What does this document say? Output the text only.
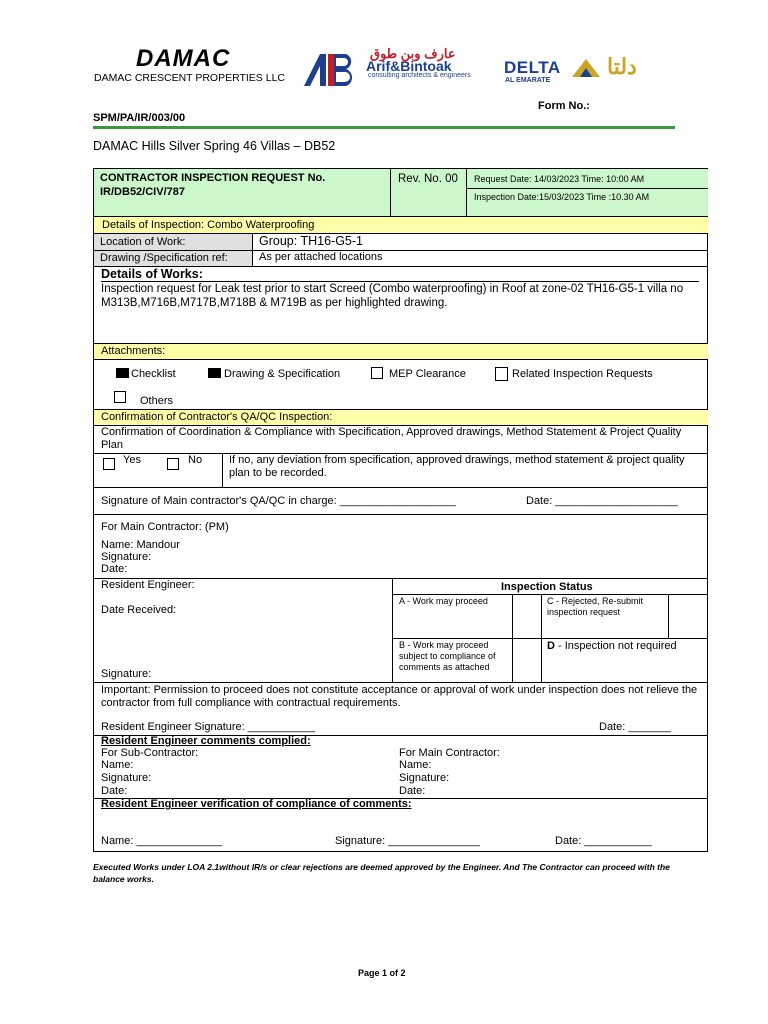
DAMAC
DAMAC CRESCENT PROPERTIES LLC
عارف وبن طوق
Arif&Bintoak
consulting architects & engineers DELTA
AL EMARATE
دلتا
Form No.:
SPM/PA/IR/003/00
DAMAC Hills Silver Spring 46 Villas – DB52
CONTRACTOR INSPECTION REQUEST No.
IR/DB52/CIV/787
Rev. No. 00 Request Date: 14/03/2023 Time: 10:00 AM
Inspection Date:15/03/2023 Time :10.30 AM
Details of Inspection: Combo Waterproofing
Location of Work:	Group: TH16-G5-1
Drawing /Specification ref:	As per attached locations
Details of Works:
Inspection request for Leak test prior to start Screed (Combo waterproofing) in Roof at zone-02 TH16-G5-1 villa no M313B,M716B,M717B,M718B & M719B as per highlighted drawing.
Attachments:
Checklist	Drawing & Specification	MEP Clearance	Related Inspection Requests
Others
Confirmation of Contractor's QA/QC Inspection:
Confirmation of Coordination & Compliance with Specification, Approved drawings, Method Statement & Project Quality Plan
Yes	No If no, any deviation from specification, approved drawings, method statement & project quality plan to be recorded.
Signature of Main contractor's QA/QC in charge: ___________________	Date: ____________________
For Main Contractor: (PM)
Name: Mandour
Signature:
Date:
Resident Engineer:
Date Received:
Signature:
Inspection Status
A - Work may proceed	C - Rejected, Re-submit inspection request
B - Work may proceed subject to compliance of comments as attached
D - Inspection not required
Important: Permission to proceed does not constitute acceptance or approval of work under inspection does not relieve the contractor from full compliance with contractual requirements.
Resident Engineer Signature: ___________	Date: _______
Resident Engineer comments complied:
For Sub-Contractor:
Name:
Signature:
Date:
For Main Contractor:
Name:
Signature:
Date:
Resident Engineer verification of compliance of comments:
Name: ______________	Signature: _______________	Date: ___________
Executed Works under LOA 2.1without IR/s or clear rejections are deemed approved by the Engineer. And The Contractor can proceed with the balance works.
Page 1 of 2
